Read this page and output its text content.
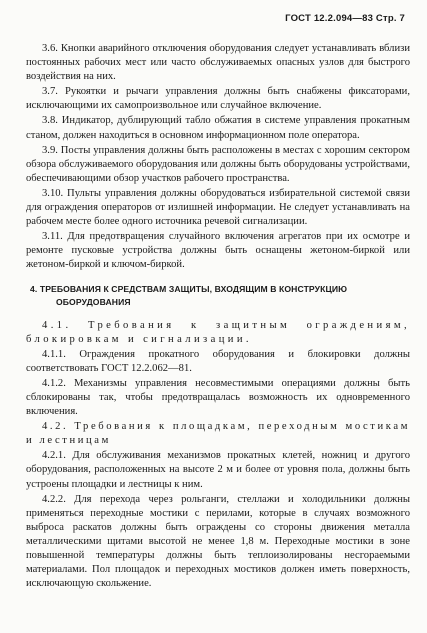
ГОСТ 12.2.094—83 Стр. 7

3.6. Кнопки аварийного отключения оборудования следует устанавливать вблизи постоянных рабочих мест или часто обслуживаемых опасных узлов для быстрого воздействия на них.

3.7. Рукоятки и рычаги управления должны быть снабжены фиксаторами, исключающими их самопроизвольное или случайное включение.

3.8. Индикатор, дублирующий табло обжатия в системе управления прокатным станом, должен находиться в основном информационном поле оператора.

3.9. Посты управления должны быть расположены в местах с хорошим сектором обзора обслуживаемого оборудования или должны быть оборудованы устройствами, обеспечивающими обзор участков рабочего пространства.

3.10. Пульты управления должны оборудоваться избирательной системой связи для ограждения операторов от излишней информации. Не следует устанавливать на рабочем месте более одного источника речевой сигнализации.

3.11. Для предотвращения случайного включения агрегатов при их осмотре и ремонте пусковые устройства должны быть оснащены жетоном-биркой или жетоном-биркой и ключом-биркой.

4. ТРЕБОВАНИЯ К СРЕДСТВАМ ЗАЩИТЫ, ВХОДЯЩИМ В КОНСТРУКЦИЮ ОБОРУДОВАНИЯ

4.1. Требования к защитным ограждениям, блокировкам и сигнализации.

4.1.1. Ограждения прокатного оборудования и блокировки должны соответствовать ГОСТ 12.2.062—81.

4.1.2. Механизмы управления несовместимыми операциями должны быть сблокированы так, чтобы предотвращалась возможность их одновременного включения.

4.2. Требования к площадкам, переходным мостикам и лестницам

4.2.1. Для обслуживания механизмов прокатных клетей, ножниц и другого оборудования, расположенных на высоте 2 м и более от уровня пола, должны быть устроены площадки и лестницы к ним.

4.2.2. Для перехода через рольганги, стеллажи и холодильники должны применяться переходные мостики с перилами, которые в случаях возможного выброса раскатов должны быть ограждены со стороны движения металла металлическими щитами высотой не менее 1,8 м. Переходные мостики в зоне повышенной температуры должны быть теплоизолированы несгораемыми материалами. Пол площадок и переходных мостиков должен иметь поверхность, исключающую скольжение.
